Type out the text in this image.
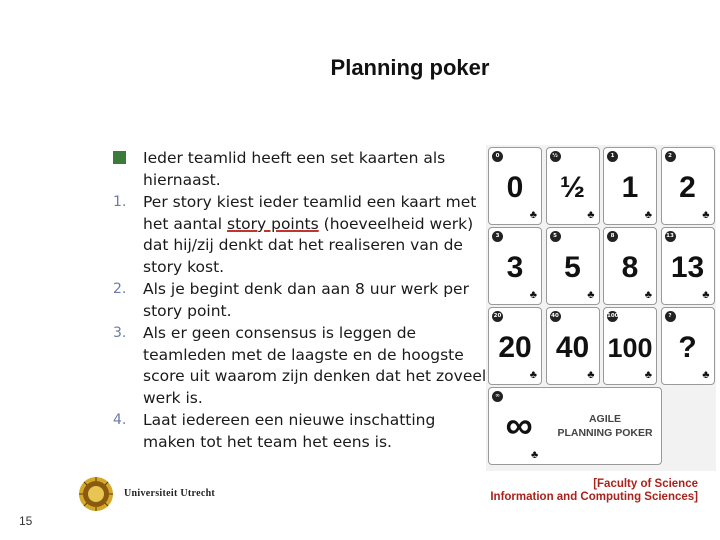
Planning poker
Ieder teamlid heeft een set kaarten als hiernaast.
1. Per story kiest ieder teamlid een kaart met het aantal story points (hoeveelheid werk) dat hij/zij denkt dat het realiseren van de story kost.
2. Als je begint denk dan aan 8 uur werk per story point.
3. Als er geen consensus is leggen de teamleden met de laagste en de hoogste score uit waarom zijn denken dat het zoveel werk is.
4. Laat iedereen een nieuwe inschatting maken tot het team het eens is.
0
0
♣
½
½
♣
1
1
♣
2
2
♣
3
3
♣
5
5
♣
8
8
♣
13
13
♣
20
20
♣
40
40
♣
100
100
♣
?
?
♣
∞
∞	AGILE
PLANNING POKER
♣
Universiteit Utrecht
[Faculty of Science
Information and Computing Sciences]
15
